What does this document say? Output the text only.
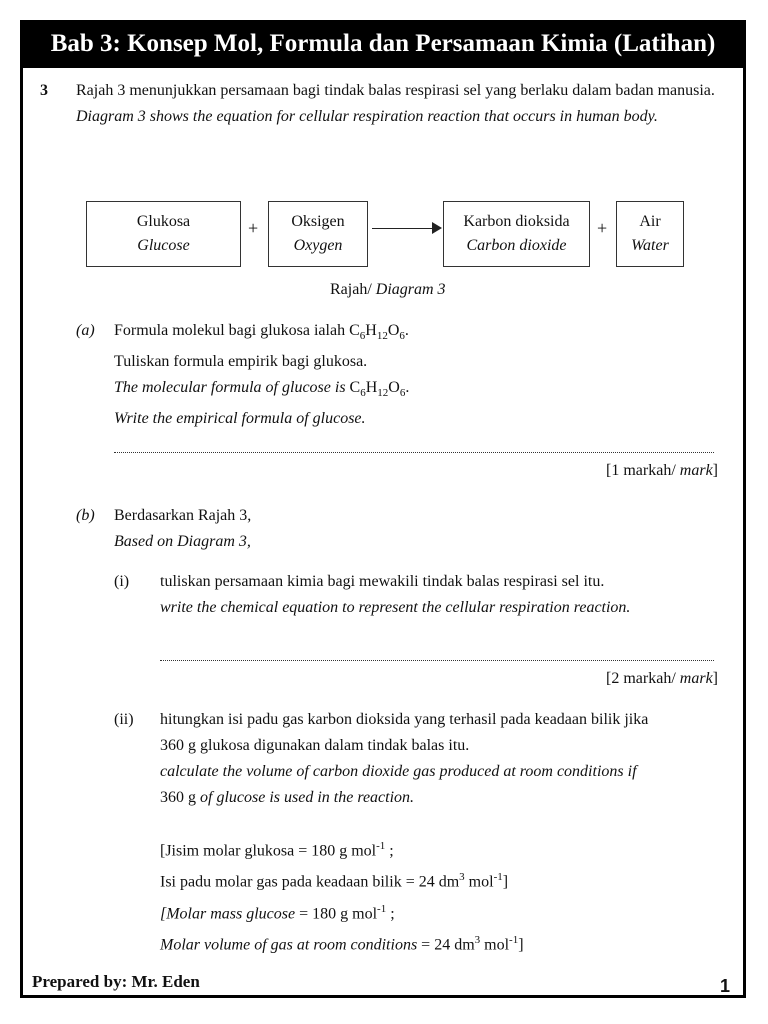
Bab 3: Konsep Mol, Formula dan Persamaan Kimia (Latihan)
3 Rajah 3 menunjukkan persamaan bagi tindak balas respirasi sel yang berlaku dalam badan manusia.
Diagram 3 shows the equation for cellular respiration reaction that occurs in human body.
Glukosa
Glucose
+	Oksigen
Oxygen
Karbon dioksida
Carbon dioxide
+	Air
Water
Rajah/ Diagram 3
(a) Formula molekul bagi glukosa ialah $C_6H_{12}O_6$.
Tuliskan formula empirik bagi glukosa.
The molecular formula of glucose is $C_6H_{12}O_6$.
Write the empirical formula of glucose.
[1 markah/ mark]
(b) Berdasarkan Rajah 3,
Based on Diagram 3,
(i) tuliskan persamaan kimia bagi mewakili tindak balas respirasi sel itu.
write the chemical equation to represent the cellular respiration reaction.
[2 markah/ mark]
(ii) hitungkan isi padu gas karbon dioksida yang terhasil pada keadaan bilik jika
360 g glukosa digunakan dalam tindak balas itu.
calculate the volume of carbon dioxide gas produced at room conditions if
360 g of glucose is used in the reaction.
[Jisim molar glukosa = 180 g mol$^{-1}$ ;
Isi padu molar gas pada keadaan bilik = 24 $dm^3$ mol$^{-1}$]
[Molar mass glucose = 180 g mol$^{-1}$ ;
Molar volume of gas at room conditions = 24 $dm^3$ mol$^{-1}$]
Prepared by: Mr. Eden	1
